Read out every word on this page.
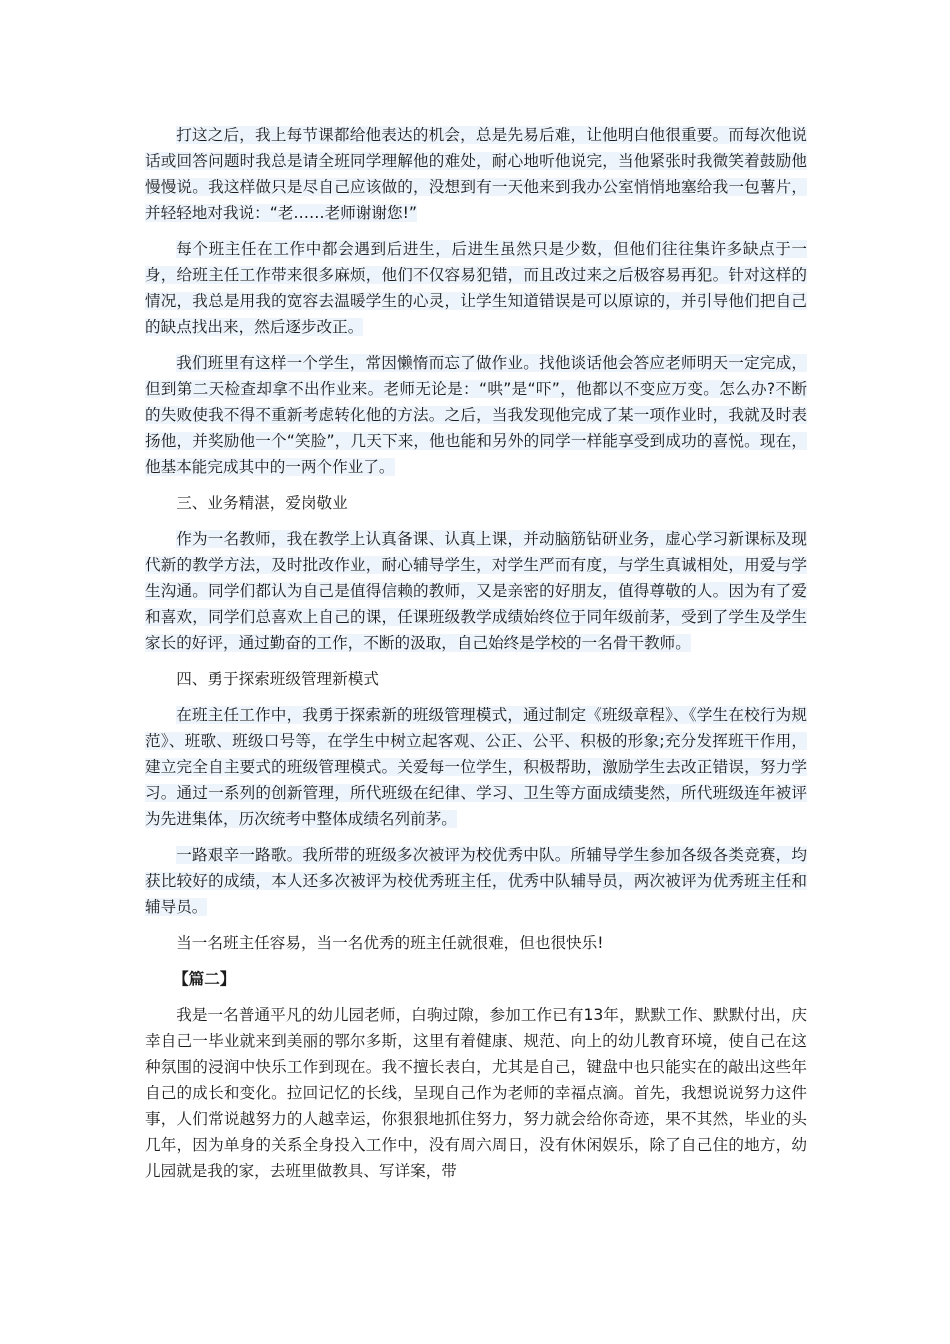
打这之后，我上每节课都给他表达的机会，总是先易后难，让他明白他很重要。而每次他说话或回答问题时我总是请全班同学理解他的难处，耐心地听他说完，当他紧张时我微笑着鼓励他慢慢说。我这样做只是尽自己应该做的，没想到有一天他来到我办公室悄悄地塞给我一包薯片，并轻轻地对我说：“老……老师谢谢您!”

每个班主任在工作中都会遇到后进生，后进生虽然只是少数，但他们往往集许多缺点于一身，给班主任工作带来很多麻烦，他们不仅容易犯错，而且改过来之后极容易再犯。针对这样的情况，我总是用我的宽容去温暖学生的心灵，让学生知道错误是可以原谅的，并引导他们把自己的缺点找出来，然后逐步改正。

我们班里有这样一个学生，常因懒惰而忘了做作业。找他谈话他会答应老师明天一定完成，但到第二天检查却拿不出作业来。老师无论是：“哄”是“吓”，他都以不变应万变。怎么办?不断的失败使我不得不重新考虑转化他的方法。之后，当我发现他完成了某一项作业时，我就及时表扬他，并奖励他一个“笑脸”，几天下来，他也能和另外的同学一样能享受到成功的喜悦。现在，他基本能完成其中的一两个作业了。

三、业务精湛，爱岗敬业

作为一名教师，我在教学上认真备课、认真上课，并动脑筋钻研业务，虚心学习新课标及现代新的教学方法，及时批改作业，耐心辅导学生，对学生严而有度，与学生真诚相处，用爱与学生沟通。同学们都认为自己是值得信赖的教师，又是亲密的好朋友，值得尊敬的人。因为有了爱和喜欢，同学们总喜欢上自己的课，任课班级教学成绩始终位于同年级前茅，受到了学生及学生家长的好评，通过勤奋的工作，不断的汲取，自己始终是学校的一名骨干教师。

四、勇于探索班级管理新模式

在班主任工作中，我勇于探索新的班级管理模式，通过制定《班级章程》、《学生在校行为规范》、班歌、班级口号等，在学生中树立起客观、公正、公平、积极的形象;充分发挥班干作用，建立完全自主要式的班级管理模式。关爱每一位学生，积极帮助，激励学生去改正错误，努力学习。通过一系列的创新管理，所代班级在纪律、学习、卫生等方面成绩斐然，所代班级连年被评为先进集体，历次统考中整体成绩名列前茅。

一路艰辛一路歌。我所带的班级多次被评为校优秀中队。所辅导学生参加各级各类竞赛，均获比较好的成绩，本人还多次被评为校优秀班主任，优秀中队辅导员，两次被评为优秀班主任和辅导员。

当一名班主任容易，当一名优秀的班主任就很难，但也很快乐!

【篇二】

我是一名普通平凡的幼儿园老师，白驹过隙，参加工作已有13年，默默工作、默默付出，庆幸自己一毕业就来到美丽的鄂尔多斯，这里有着健康、规范、向上的幼儿教育环境，使自己在这种氛围的浸润中快乐工作到现在。我不擅长表白，尤其是自己，键盘中也只能实在的敲出这些年自己的成长和变化。拉回记忆的长线，呈现自己作为老师的幸福点滴。首先，我想说说努力这件事，人们常说越努力的人越幸运，你狠狠地抓住努力，努力就会给你奇迹，果不其然，毕业的头几年，因为单身的关系全身投入工作中，没有周六周日，没有休闲娱乐，除了自己住的地方，幼儿园就是我的家，去班里做教具、写详案，带
